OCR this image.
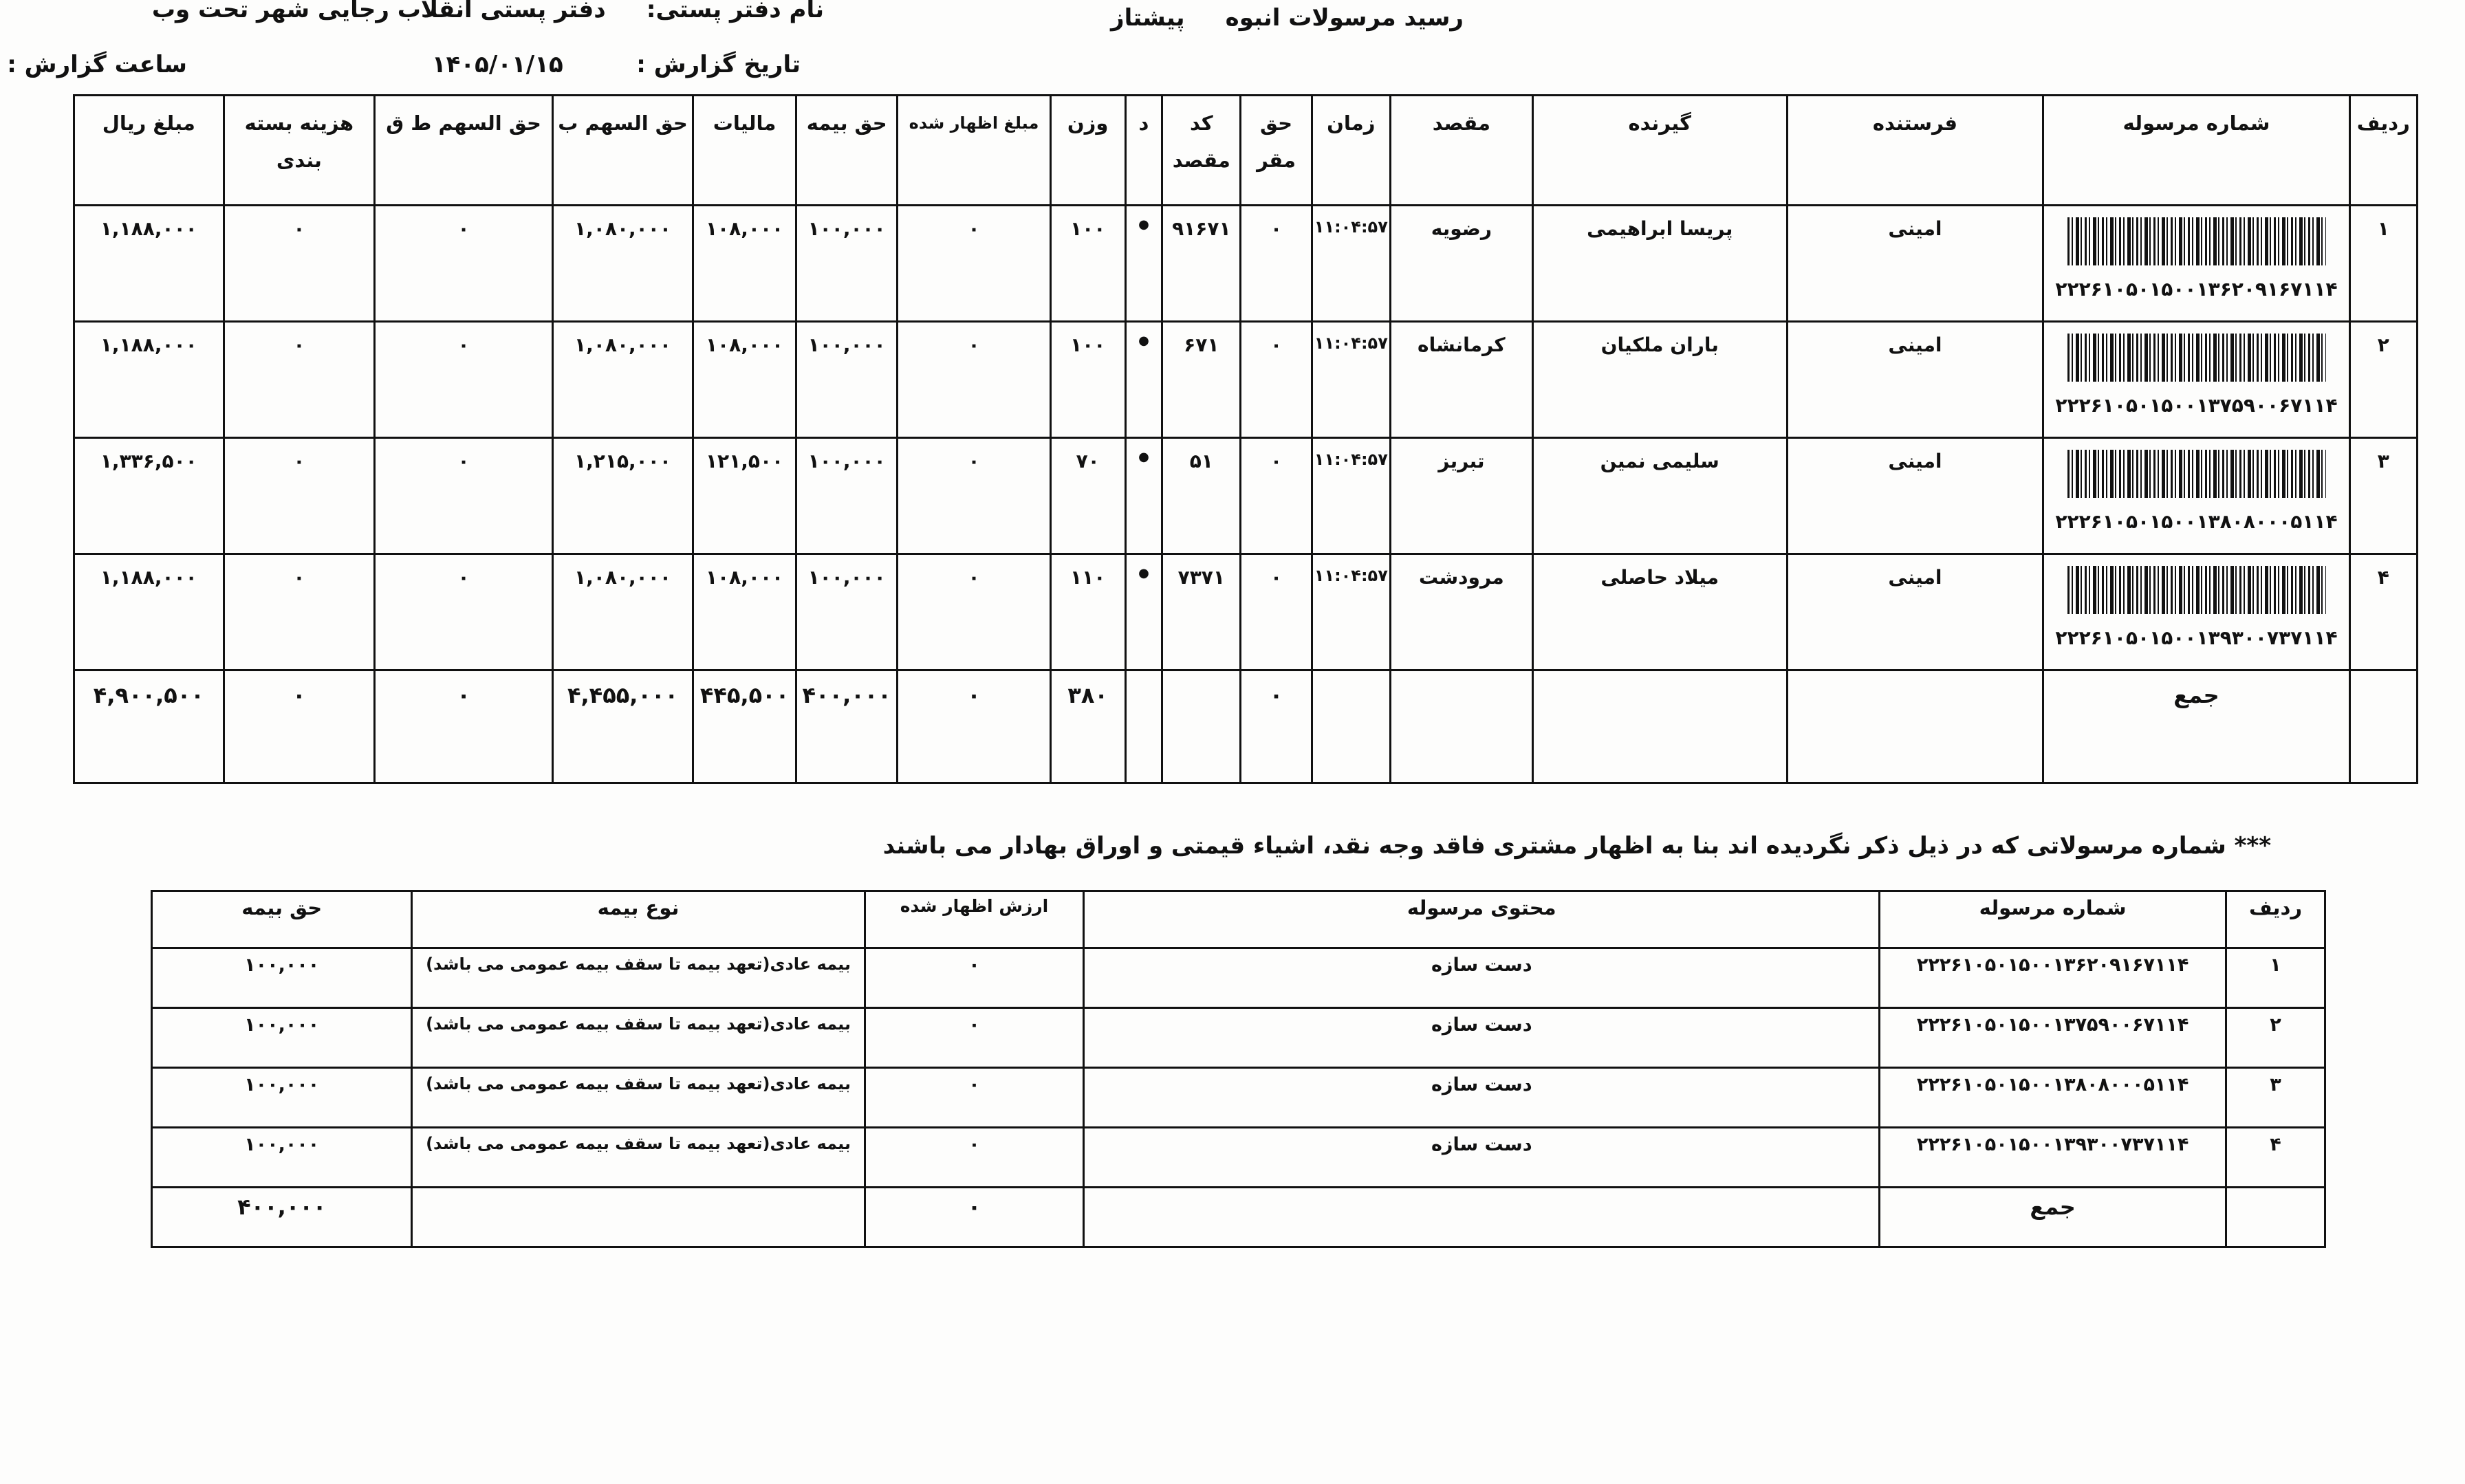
رسید مرسولات انبوه     پیشتاز
نام دفتر پستی:     دفتر پستی انقلاب رجایی شهر تحت وب
تاریخ گزارش :         ۱۴۰۵/۰۱/۱۵
ساعت گزارش :
ردیف	شماره مرسوله	فرستنده	گیرنده	مقصد	زمان	حق مقر	کد مقصد	د	وزن	مبلغ اظهار شده	حق بیمه	مالیات	حق السهم ب	حق السهم ط ق	هزینه بسته بندی	مبلغ ریال
۱	۲۲۲۶۱۰۵۰۱۵۰۰۱۳۶۲۰۹۱۶۷۱۱۴	امینی	پریسا ابراهیمی	رضویه	۱۱:۰۴:۵۷	۰	۹۱۶۷۱	●	۱۰۰	۰	۱۰۰,۰۰۰	۱۰۸,۰۰۰	۱,۰۸۰,۰۰۰	۰	۰	۱,۱۸۸,۰۰۰
۲	۲۲۲۶۱۰۵۰۱۵۰۰۱۳۷۵۹۰۰۶۷۱۱۴	امینی	باران ملکیان	کرمانشاه	۱۱:۰۴:۵۷	۰	۶۷۱	●	۱۰۰	۰	۱۰۰,۰۰۰	۱۰۸,۰۰۰	۱,۰۸۰,۰۰۰	۰	۰	۱,۱۸۸,۰۰۰
۳	۲۲۲۶۱۰۵۰۱۵۰۰۱۳۸۰۸۰۰۰۵۱۱۴	امینی	سلیمی نمین	تبریز	۱۱:۰۴:۵۷	۰	۵۱	●	۷۰	۰	۱۰۰,۰۰۰	۱۲۱,۵۰۰	۱,۲۱۵,۰۰۰	۰	۰	۱,۳۳۶,۵۰۰
۴	۲۲۲۶۱۰۵۰۱۵۰۰۱۳۹۳۰۰۷۳۷۱۱۴	امینی	میلاد حاصلی	مرودشت	۱۱:۰۴:۵۷	۰	۷۳۷۱	●	۱۱۰	۰	۱۰۰,۰۰۰	۱۰۸,۰۰۰	۱,۰۸۰,۰۰۰	۰	۰	۱,۱۸۸,۰۰۰
	جمع					۰			۳۸۰	۰	۴۰۰,۰۰۰	۴۴۵,۵۰۰	۴,۴۵۵,۰۰۰	۰	۰	۴,۹۰۰,۵۰۰
*** شماره مرسولاتی که در ذیل ذکر نگردیده اند بنا به اظهار مشتری فاقد وجه نقد، اشیاء قیمتی و اوراق بهادار می باشند
ردیف	شماره مرسوله	محتوی مرسوله	ارزش اظهار شده	نوع بیمه	حق بیمه
۱	۲۲۲۶۱۰۵۰۱۵۰۰۱۳۶۲۰۹۱۶۷۱۱۴	دست سازه	۰	بیمه عادی(تعهد بیمه تا سقف بیمه عمومی می باشد)	۱۰۰,۰۰۰
۲	۲۲۲۶۱۰۵۰۱۵۰۰۱۳۷۵۹۰۰۶۷۱۱۴	دست سازه	۰	بیمه عادی(تعهد بیمه تا سقف بیمه عمومی می باشد)	۱۰۰,۰۰۰
۳	۲۲۲۶۱۰۵۰۱۵۰۰۱۳۸۰۸۰۰۰۵۱۱۴	دست سازه	۰	بیمه عادی(تعهد بیمه تا سقف بیمه عمومی می باشد)	۱۰۰,۰۰۰
۴	۲۲۲۶۱۰۵۰۱۵۰۰۱۳۹۳۰۰۷۳۷۱۱۴	دست سازه	۰	بیمه عادی(تعهد بیمه تا سقف بیمه عمومی می باشد)	۱۰۰,۰۰۰
	جمع		۰		۴۰۰,۰۰۰
